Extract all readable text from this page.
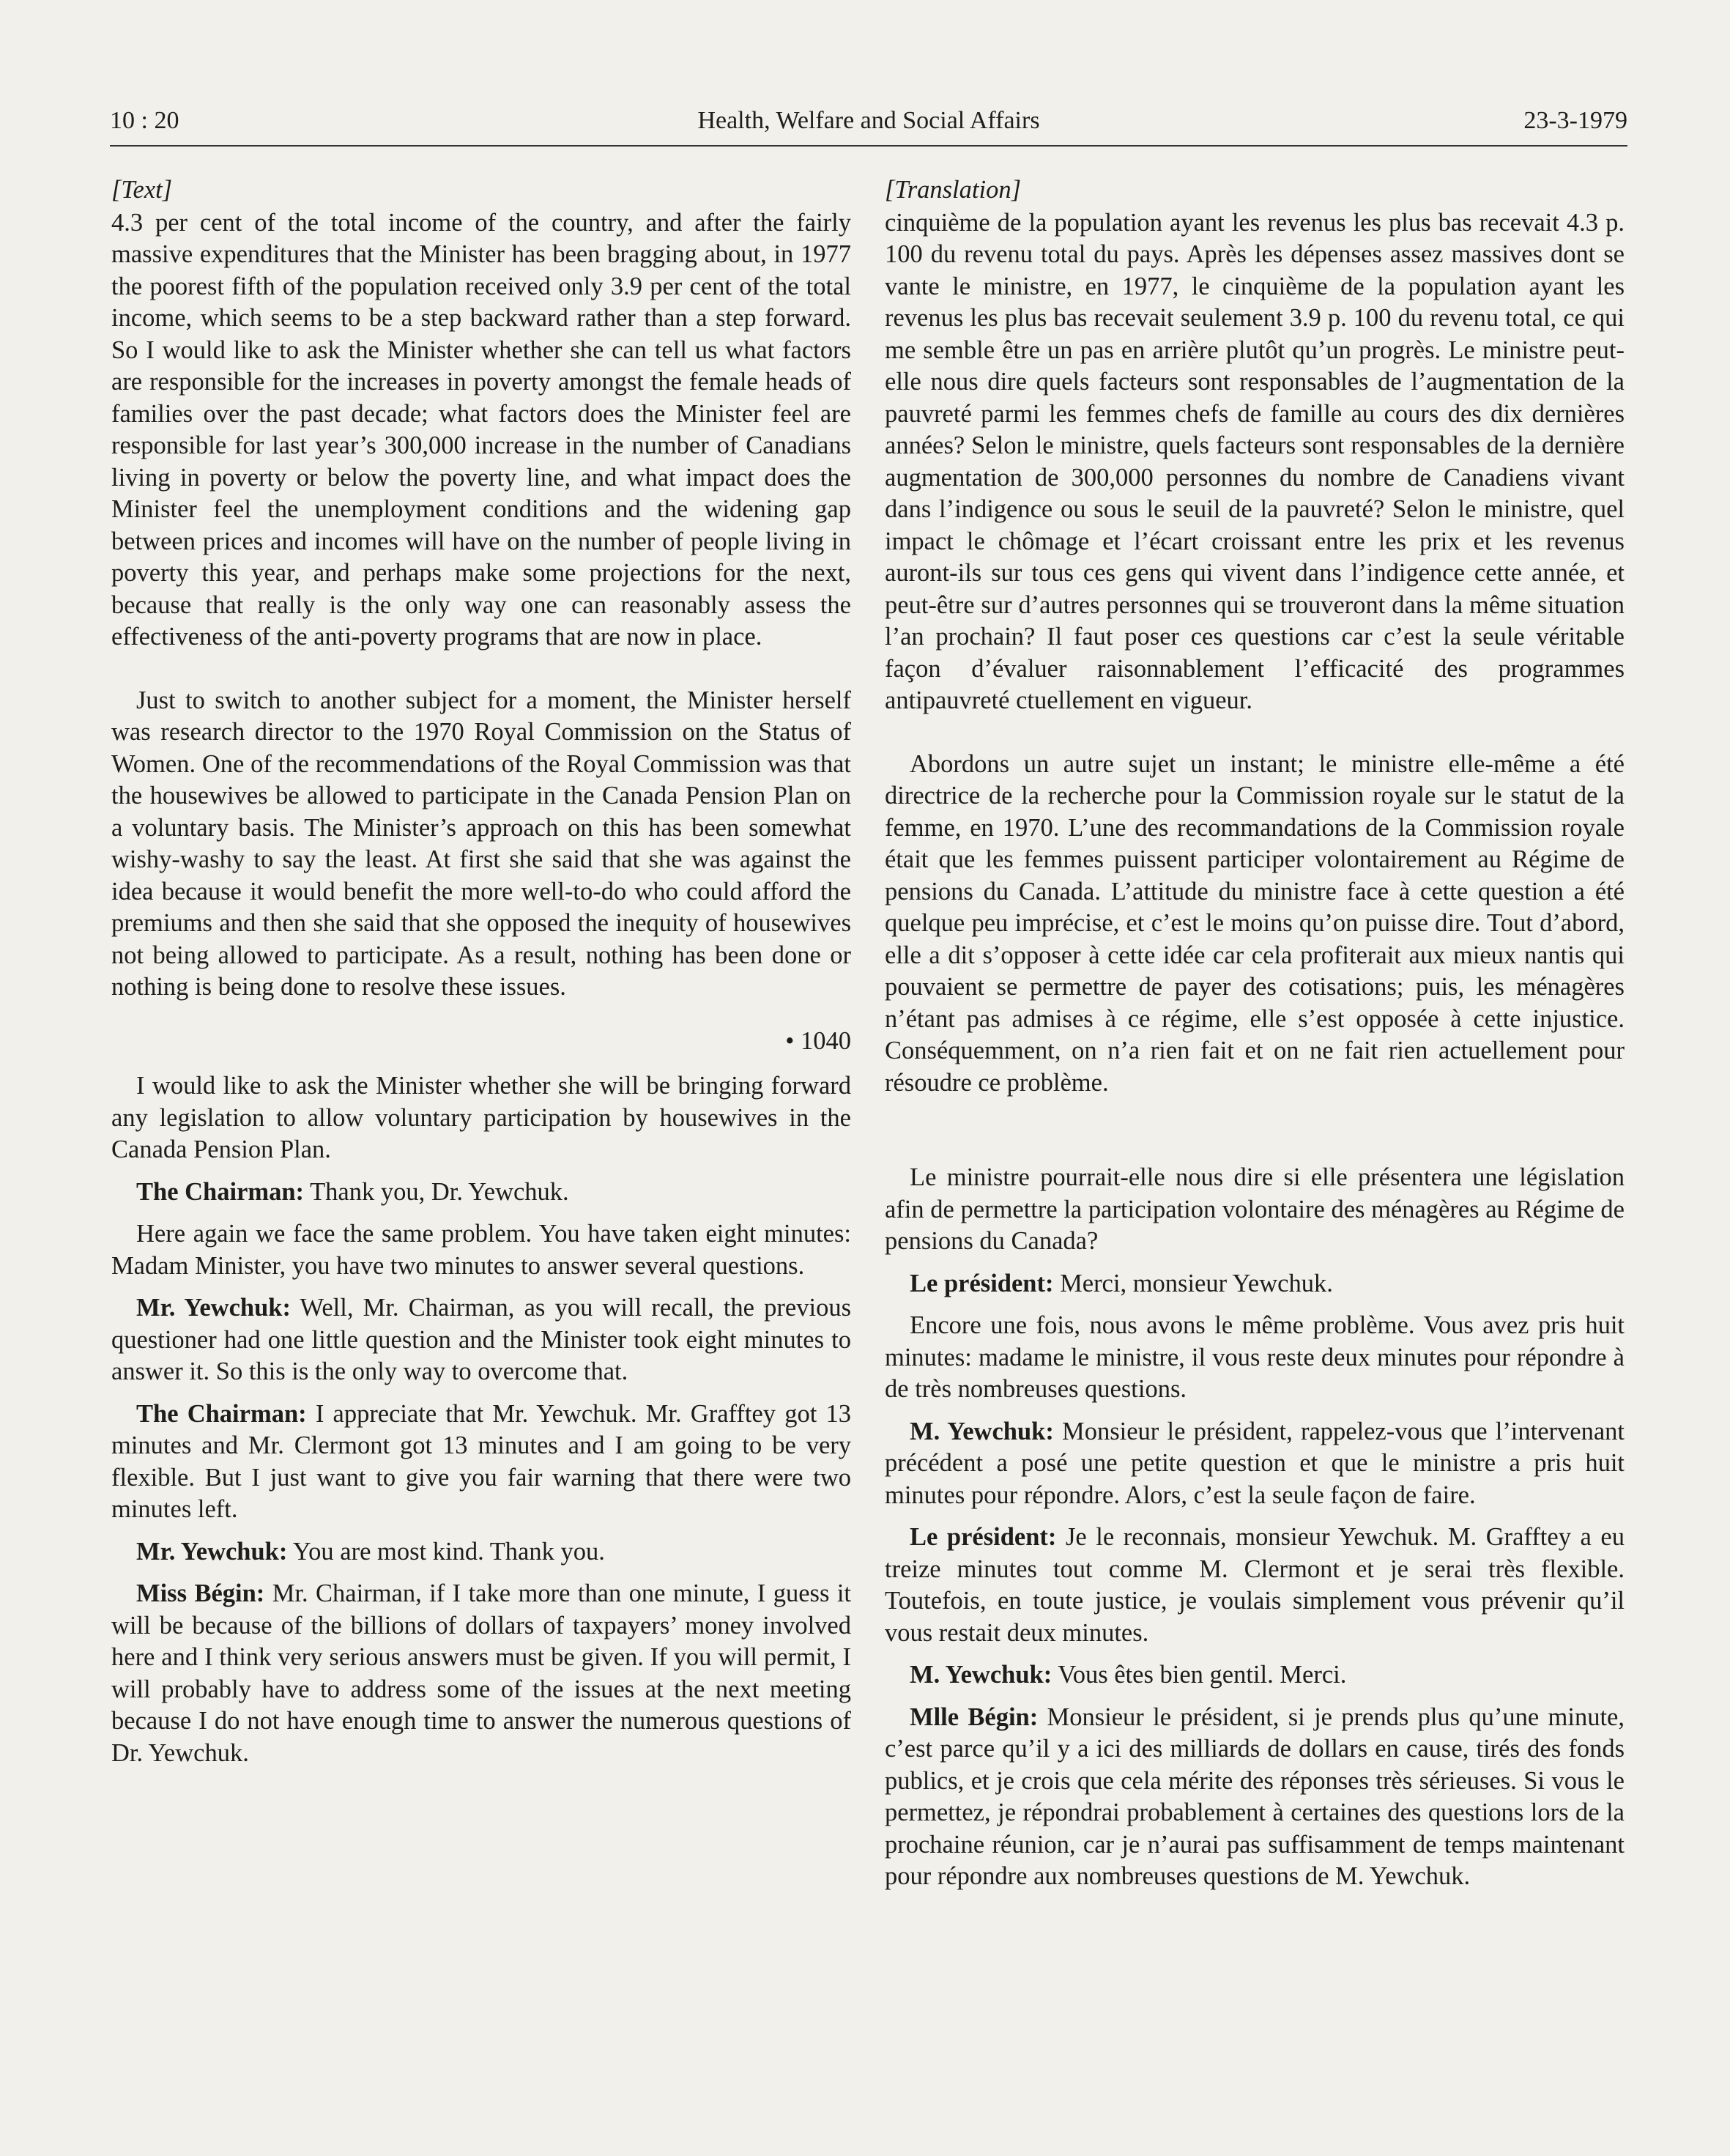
10 : 20	Health, Welfare and Social Affairs	23-3-1979

[Text]

4.3 per cent of the total income of the country, and after the fairly massive expenditures that the Minister has been bragging about, in 1977 the poorest fifth of the population received only 3.9 per cent of the total income, which seems to be a step backward rather than a step forward. So I would like to ask the Minister whether she can tell us what factors are responsible for the increases in poverty amongst the female heads of families over the past decade; what factors does the Minister feel are responsible for last year’s 300,000 increase in the number of Canadians living in poverty or below the poverty line, and what impact does the Minister feel the unemployment conditions and the widening gap between prices and incomes will have on the number of people living in poverty this year, and perhaps make some projections for the next, because that really is the only way one can reasonably assess the effectiveness of the anti-poverty programs that are now in place.

Just to switch to another subject for a moment, the Minister herself was research director to the 1970 Royal Commission on the Status of Women. One of the recommendations of the Royal Commission was that the housewives be allowed to participate in the Canada Pension Plan on a voluntary basis. The Minister’s approach on this has been somewhat wishy-washy to say the least. At first she said that she was against the idea because it would benefit the more well-to-do who could afford the premiums and then she said that she opposed the inequity of housewives not being allowed to participate. As a result, nothing has been done or nothing is being done to resolve these issues.

• 1040

I would like to ask the Minister whether she will be bringing forward any legislation to allow voluntary participation by housewives in the Canada Pension Plan.

The Chairman: Thank you, Dr. Yewchuk.

Here again we face the same problem. You have taken eight minutes: Madam Minister, you have two minutes to answer several questions.

Mr. Yewchuk: Well, Mr. Chairman, as you will recall, the previous questioner had one little question and the Minister took eight minutes to answer it. So this is the only way to overcome that.

The Chairman: I appreciate that Mr. Yewchuk. Mr. Grafftey got 13 minutes and Mr. Clermont got 13 minutes and I am going to be very flexible. But I just want to give you fair warning that there were two minutes left.

Mr. Yewchuk: You are most kind. Thank you.

Miss Bégin: Mr. Chairman, if I take more than one minute, I guess it will be because of the billions of dollars of taxpayers’ money involved here and I think very serious answers must be given. If you will permit, I will probably have to address some of the issues at the next meeting because I do not have enough time to answer the numerous questions of Dr. Yewchuk.

[Translation]

cinquième de la population ayant les revenus les plus bas recevait 4.3 p. 100 du revenu total du pays. Après les dépenses assez massives dont se vante le ministre, en 1977, le cinquième de la population ayant les revenus les plus bas recevait seulement 3.9 p. 100 du revenu total, ce qui me semble être un pas en arrière plutôt qu’un progrès. Le ministre peut-elle nous dire quels facteurs sont responsables de l’augmentation de la pauvreté parmi les femmes chefs de famille au cours des dix dernières années? Selon le ministre, quels facteurs sont responsables de la dernière augmentation de 300,000 personnes du nombre de Canadiens vivant dans l’indigence ou sous le seuil de la pauvreté? Selon le ministre, quel impact le chômage et l’écart croissant entre les prix et les revenus auront-ils sur tous ces gens qui vivent dans l’indigence cette année, et peut-être sur d’autres personnes qui se trouveront dans la même situation l’an prochain? Il faut poser ces questions car c’est la seule véritable façon d’évaluer raisonnablement l’efficacité des programmes antipauvreté ctuellement en vigueur.

Abordons un autre sujet un instant; le ministre elle-même a été directrice de la recherche pour la Commission royale sur le statut de la femme, en 1970. L’une des recommandations de la Commission royale était que les femmes puissent participer volontairement au Régime de pensions du Canada. L’attitude du ministre face à cette question a été quelque peu imprécise, et c’est le moins qu’on puisse dire. Tout d’abord, elle a dit s’opposer à cette idée car cela profiterait aux mieux nantis qui pouvaient se permettre de payer des cotisations; puis, les ménagères n’étant pas admises à ce régime, elle s’est opposée à cette injustice. Conséquemment, on n’a rien fait et on ne fait rien actuellement pour résoudre ce problème.

Le ministre pourrait-elle nous dire si elle présentera une législation afin de permettre la participation volontaire des ménagères au Régime de pensions du Canada?

Le président: Merci, monsieur Yewchuk.

Encore une fois, nous avons le même problème. Vous avez pris huit minutes: madame le ministre, il vous reste deux minutes pour répondre à de très nombreuses questions.

M. Yewchuk: Monsieur le président, rappelez-vous que l’intervenant précédent a posé une petite question et que le ministre a pris huit minutes pour répondre. Alors, c’est la seule façon de faire.

Le président: Je le reconnais, monsieur Yewchuk. M. Grafftey a eu treize minutes tout comme M. Clermont et je serai très flexible. Toutefois, en toute justice, je voulais simplement vous prévenir qu’il vous restait deux minutes.

M. Yewchuk: Vous êtes bien gentil. Merci.

Mlle Bégin: Monsieur le président, si je prends plus qu’une minute, c’est parce qu’il y a ici des milliards de dollars en cause, tirés des fonds publics, et je crois que cela mérite des réponses très sérieuses. Si vous le permettez, je répondrai probablement à certaines des questions lors de la prochaine réunion, car je n’aurai pas suffisamment de temps maintenant pour répondre aux nombreuses questions de M. Yewchuk.
